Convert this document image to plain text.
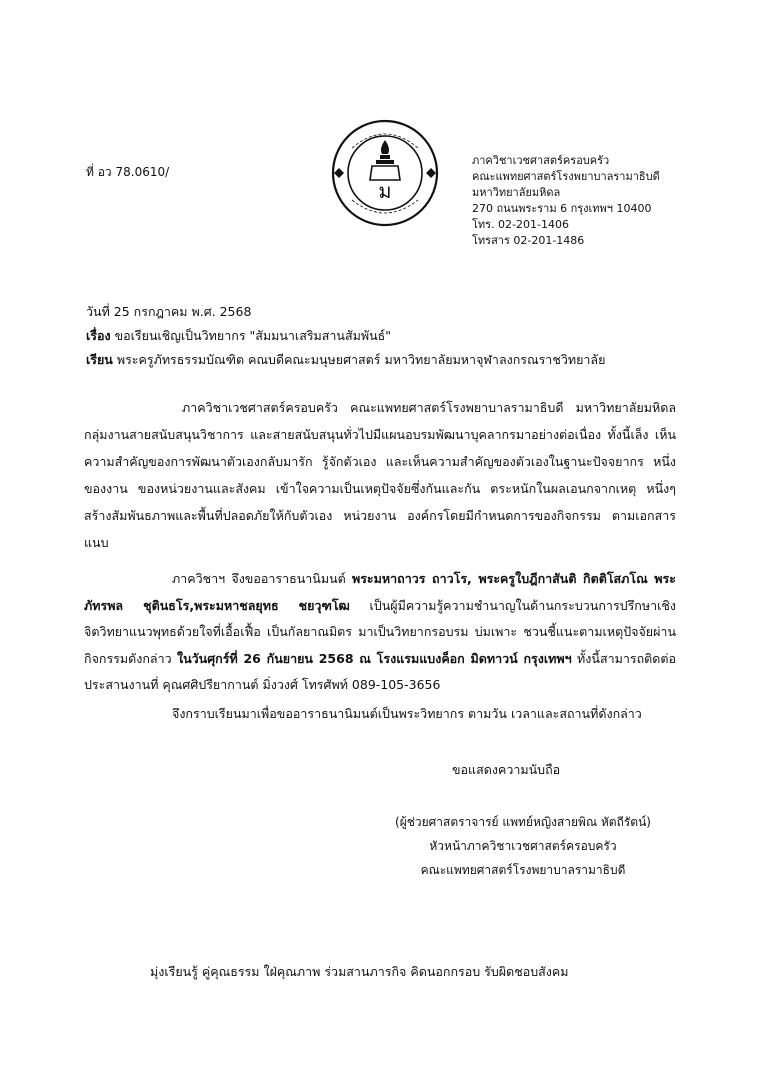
ที่ อว 78.0610/
ม
ภาควิชาเวชศาสตร์ครอบครัว
คณะแพทยศาสตร์โรงพยาบาลรามาธิบดี
มหาวิทยาลัยมหิดล
270 ถนนพระราม 6 กรุงเทพฯ 10400
โทร. 02-201-1406
โทรสาร 02-201-1486
วันที่ 25 กรกฎาคม พ.ศ. 2568
เรื่อง ขอเรียนเชิญเป็นวิทยากร "สัมมนาเสริมสานสัมพันธ์"
เรียน พระครูภัทรธรรมบัณฑิต คณบดีคณะมนุษยศาสตร์ มหาวิทยาลัยมหาจุฬาลงกรณราชวิทยาลัย
ภาควิชาเวชศาสตร์ครอบครัว คณะแพทยศาสตร์โรงพยาบาลรามาธิบดี มหาวิทยาลัยมหิดล กลุ่มงานสายสนับสนุนวิชาการ และสายสนับสนุนทั่วไปมีแผนอบรมพัฒนาบุคลากรมาอย่างต่อเนื่อง ทั้งนี้เล็ง เห็นความสำคัญของการพัฒนาตัวเองกลับมารัก รู้จักตัวเอง และเห็นความสำคัญของตัวเองในฐานะปัจจยากร หนึ่งของงาน ของหน่วยงานและสังคม เข้าใจความเป็นเหตุปัจจัยซึ่งกันและกัน ตระหนักในผลเอนกจากเหตุ หนึ่งๆสร้างสัมพันธภาพและพื้นที่ปลอดภัยให้กับตัวเอง หน่วยงาน องค์กรโดยมีกำหนดการของกิจกรรม ตามเอกสารแนบ
ภาควิชาฯ จึงขออาราธนานิมนต์ พระมหาถาวร ถาวโร, พระครูใบฎีกาสันติ กิตติโสภโณ พระภัทรพล ชุตินธโร,พระมหาชลยุทธ ชยวุฑโฒ เป็นผู้มีความรู้ความชำนาญในด้านกระบวนการปรึกษาเชิง จิตวิทยาแนวพุทธด้วยใจที่เอื้อเฟื้อ เป็นกัลยาณมิตร มาเป็นวิทยากรอบรม บ่มเพาะ ชวนชี้แนะตามเหตุปัจจัยผ่าน กิจกรรมดังกล่าว ในวันศุกร์ที่ 26 กันยายน 2568 ณ โรงแรมแบงค็อก มิดทาวน์ กรุงเทพฯ ทั้งนี้สามารถติดต่อ ประสานงานที่ คุณศศิปรียากานต์ มิ่งวงศ์ โทรศัพท์ 089-105-3656
จึงกราบเรียนมาเพื่อขออาราธนานิมนต์เป็นพระวิทยากร ตามวัน เวลาและสถานที่ดังกล่าว
ขอแสดงความนับถือ
(ผู้ช่วยศาสตราจารย์ แพทย์หญิงสายพิณ หัตถีรัตน์)
หัวหน้าภาควิชาเวชศาสตร์ครอบครัว
คณะแพทยศาสตร์โรงพยาบาลรามาธิบดี
มุ่งเรียนรู้ คู่คุณธรรม ใฝ่คุณภาพ ร่วมสานภารกิจ คิดนอกกรอบ รับผิดชอบสังคม
